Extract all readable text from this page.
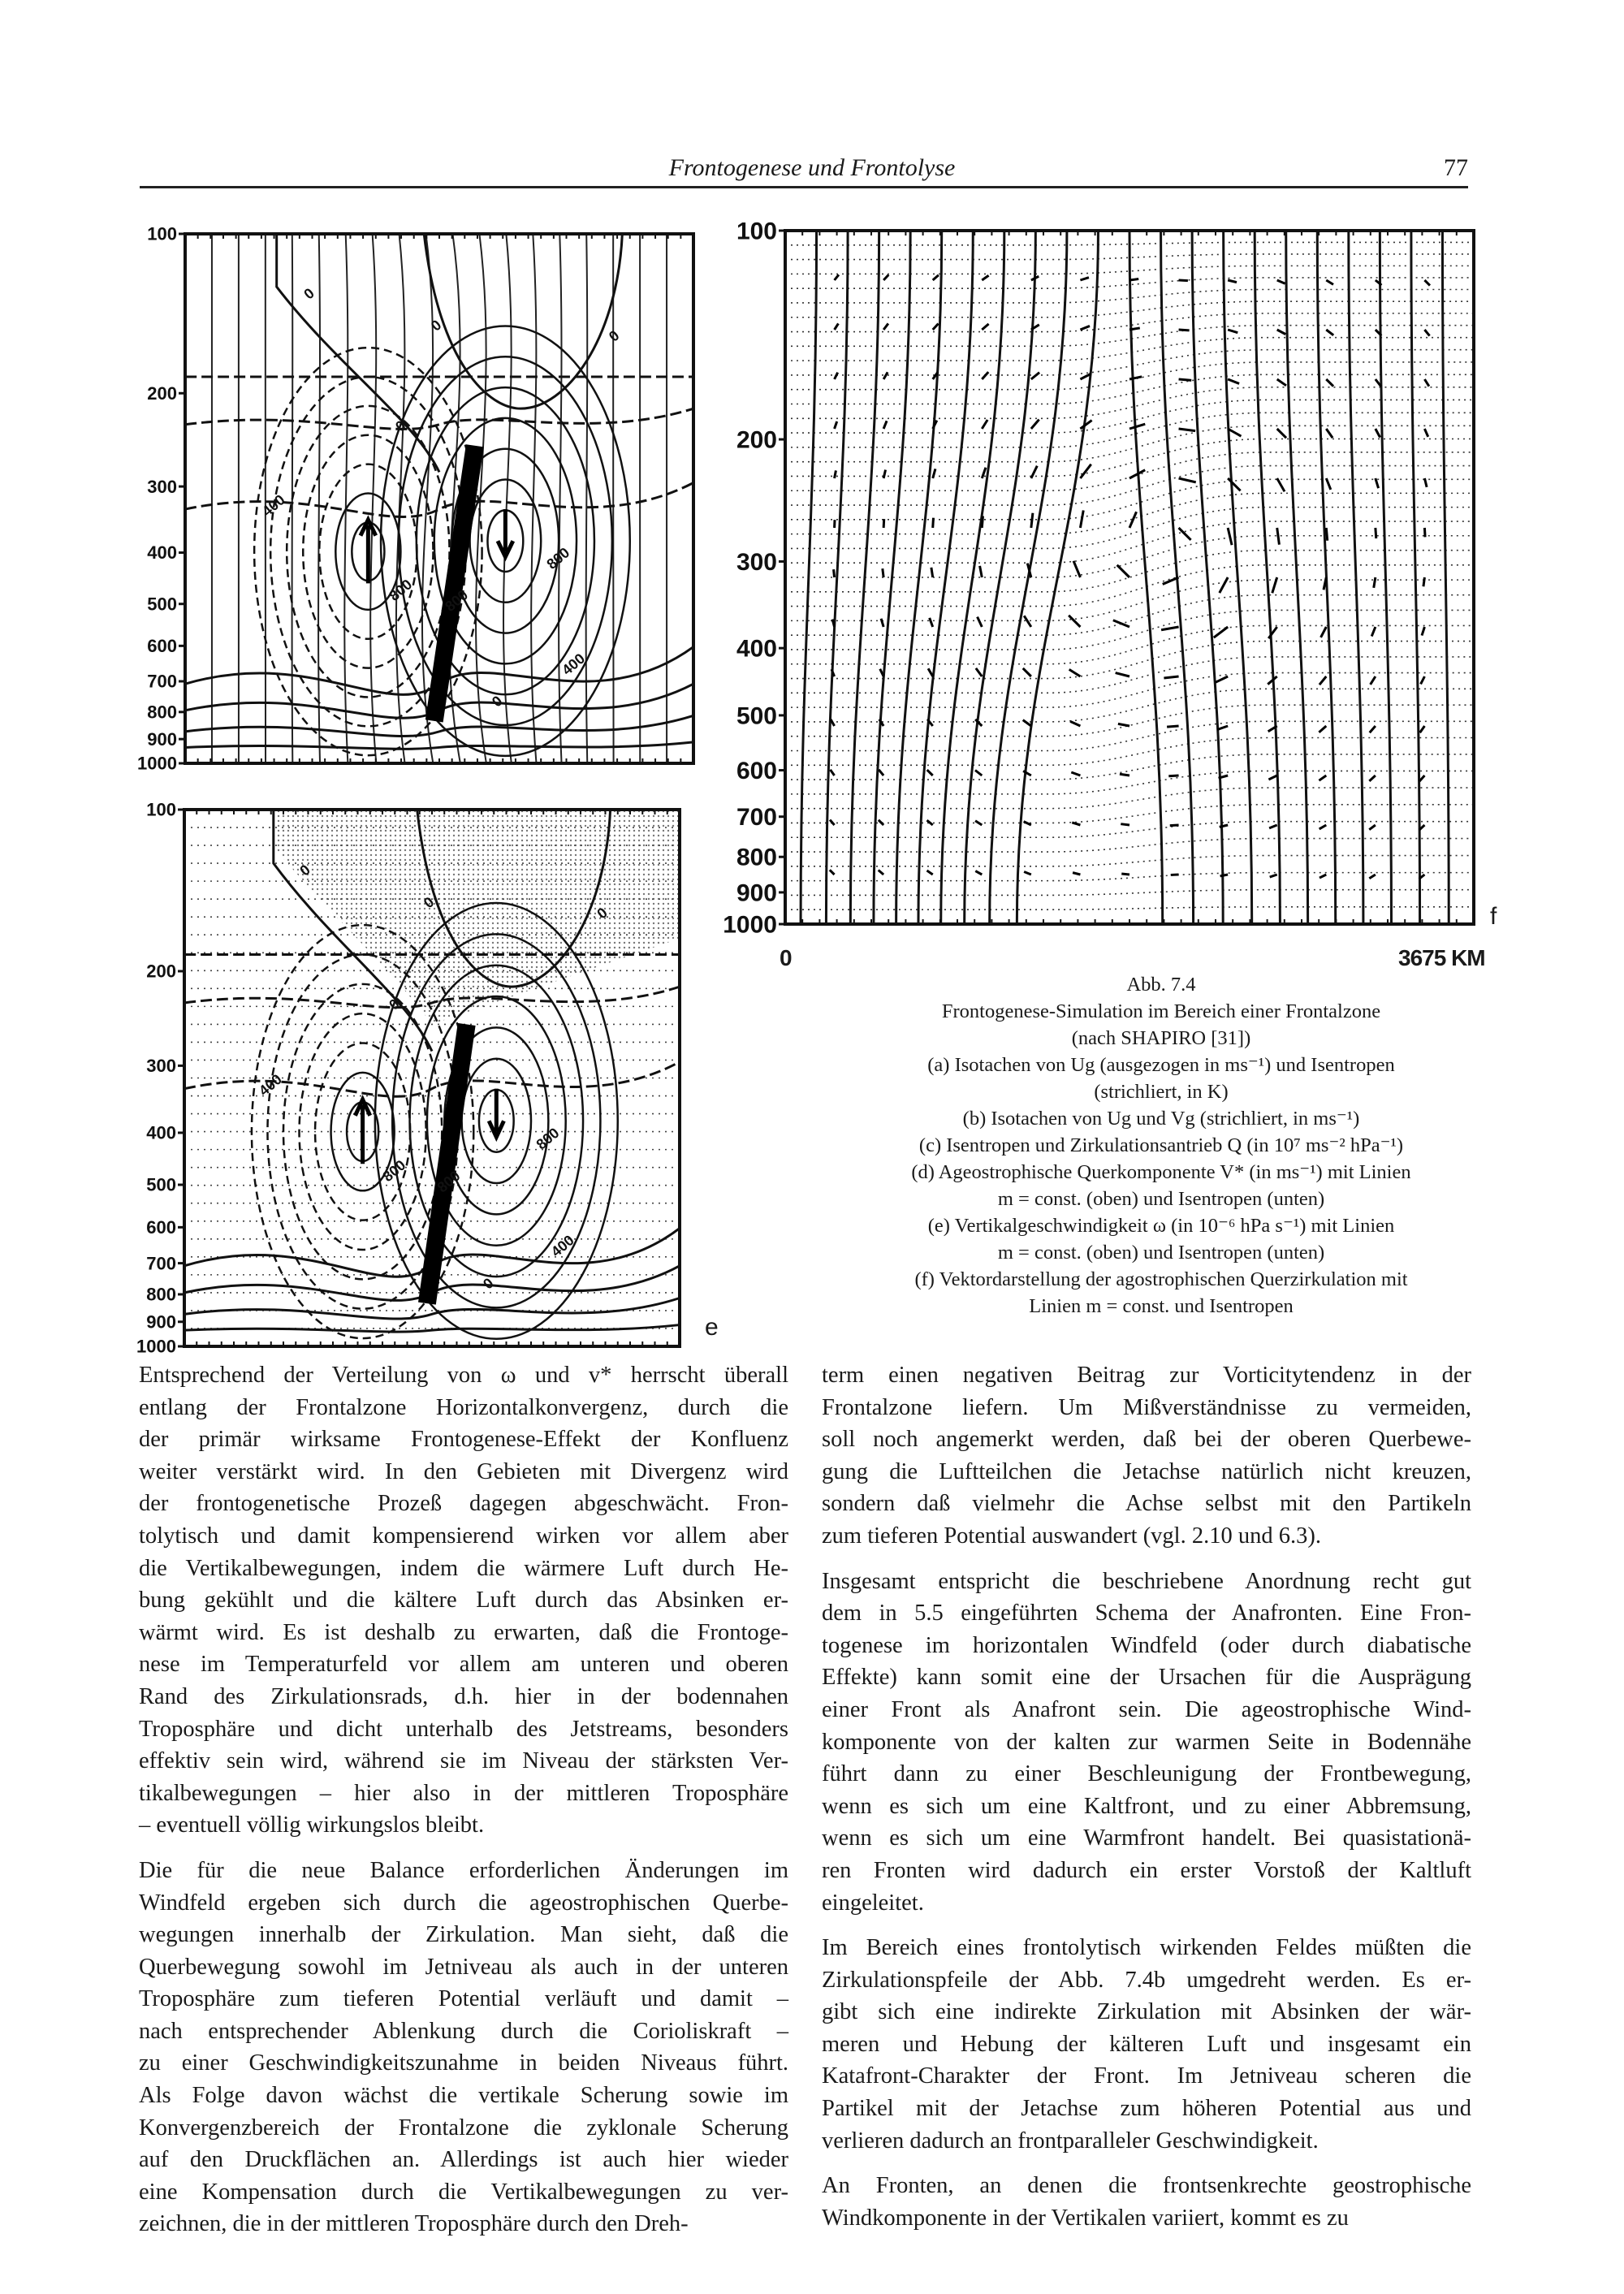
Frontogenese und Frontolyse	77
0
0
0
0
400
800 800
400
800
0
100
200
300
400
500
600
700
800
900
1000
0
0
0
0
400
800 800
400
800
0
100
200
300
400
500
600
700
800
900
1000
e
100
200
300
400
500
600
700
800
900
1000	f
0	3675 KM
Abb. 7.4
Frontogenese-Simulation im Bereich einer Frontalzone
(nach SHAPIRO [31])
(a) Isotachen von Ug (ausgezogen in ms⁻¹) und Isentropen
(strichliert, in K)
(b) Isotachen von Ug und Vg (strichliert, in ms⁻¹)
(c) Isentropen und Zirkulationsantrieb Q (in 10⁷ ms⁻² hPa⁻¹)
(d) Ageostrophische Querkomponente V* (in ms⁻¹) mit Linien
m = const. (oben) und Isentropen (unten)
(e) Vertikalgeschwindigkeit ω (in 10⁻⁶ hPa s⁻¹) mit Linien
m = const. (oben) und Isentropen (unten)
(f) Vektordarstellung der agostrophischen Querzirkulation mit
Linien m = const. und Isentropen
Entsprechend der Verteilung von ω und v* herrscht überall
entlang der Frontalzone Horizontalkonvergenz, durch die
der primär wirksame Frontogenese-Effekt der Konfluenz
weiter verstärkt wird. In den Gebieten mit Divergenz wird
der frontogenetische Prozeß dagegen abgeschwächt. Fron-
tolytisch und damit kompensierend wirken vor allem aber
die Vertikalbewegungen, indem die wärmere Luft durch He-
bung gekühlt und die kältere Luft durch das Absinken er-
wärmt wird. Es ist deshalb zu erwarten, daß die Frontoge-
nese im Temperaturfeld vor allem am unteren und oberen
Rand des Zirkulationsrads, d.h. hier in der bodennahen
Troposphäre und dicht unterhalb des Jetstreams, besonders
effektiv sein wird, während sie im Niveau der stärksten Ver-
tikalbewegungen – hier also in der mittleren Troposphäre
– eventuell völlig wirkungslos bleibt.
Die für die neue Balance erforderlichen Änderungen im
Windfeld ergeben sich durch die ageostrophischen Querbe-
wegungen innerhalb der Zirkulation. Man sieht, daß die
Querbewegung sowohl im Jetniveau als auch in der unteren
Troposphäre zum tieferen Potential verläuft und damit –
nach entsprechender Ablenkung durch die Corioliskraft –
zu einer Geschwindigkeitszunahme in beiden Niveaus führt.
Als Folge davon wächst die vertikale Scherung sowie im
Konvergenzbereich der Frontalzone die zyklonale Scherung
auf den Druckflächen an. Allerdings ist auch hier wieder
eine Kompensation durch die Vertikalbewegungen zu ver-
zeichnen, die in der mittleren Troposphäre durch den Dreh-
term einen negativen Beitrag zur Vorticitytendenz in der
Frontalzone liefern. Um Mißverständnisse zu vermeiden,
soll noch angemerkt werden, daß bei der oberen Querbewe-
gung die Luftteilchen die Jetachse natürlich nicht kreuzen,
sondern daß vielmehr die Achse selbst mit den Partikeln
zum tieferen Potential auswandert (vgl. 2.10 und 6.3).
Insgesamt entspricht die beschriebene Anordnung recht gut
dem in 5.5 eingeführten Schema der Anafronten. Eine Fron-
togenese im horizontalen Windfeld (oder durch diabatische
Effekte) kann somit eine der Ursachen für die Ausprägung
einer Front als Anafront sein. Die ageostrophische Wind-
komponente von der kalten zur warmen Seite in Bodennähe
führt dann zu einer Beschleunigung der Frontbewegung,
wenn es sich um eine Kaltfront, und zu einer Abbremsung,
wenn es sich um eine Warmfront handelt. Bei quasistationä-
ren Fronten wird dadurch ein erster Vorstoß der Kaltluft
eingeleitet.
Im Bereich eines frontolytisch wirkenden Feldes müßten die
Zirkulationspfeile der Abb. 7.4b umgedreht werden. Es er-
gibt sich eine indirekte Zirkulation mit Absinken der wär-
meren und Hebung der kälteren Luft und insgesamt ein
Katafront-Charakter der Front. Im Jetniveau scheren die
Partikel mit der Jetachse zum höheren Potential aus und
verlieren dadurch an frontparalleler Geschwindigkeit.
An Fronten, an denen die frontsenkrechte geostrophische
Windkomponente in der Vertikalen variiert, kommt es zu
